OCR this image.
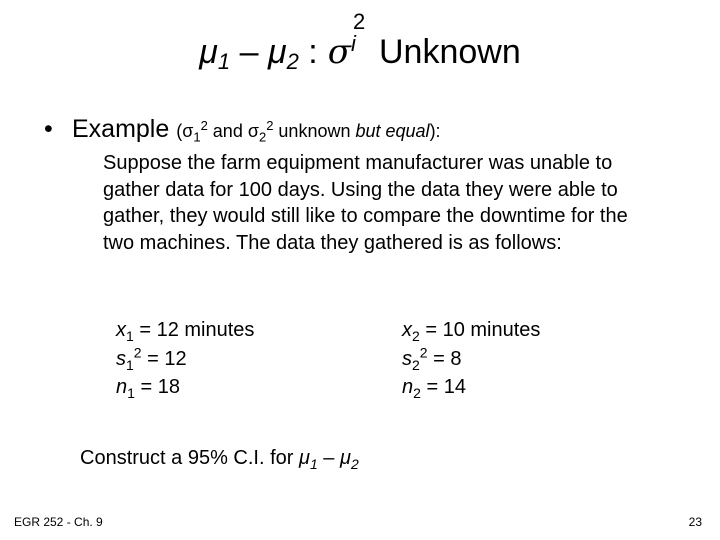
μ1 – μ2 : σ
2
i Unknown
• Example ($\sigma_1^2$ and $\sigma_2^2$ unknown but equal):
Suppose the farm equipment manufacturer was unable to gather data for 100 days. Using the data they were able to gather, they would still like to compare the downtime for the two machines. The data they gathered is as follows:
$x_1 = 12$ minutes
$s_1^2 = 12$
$n_1 = 18$
$x_2 = 10$ minutes
$s_2^2 = 8$
$n_2 = 14$
Construct a 95% C.I. for $\mu_1 - \mu_2$
EGR 252 - Ch. 9	23
